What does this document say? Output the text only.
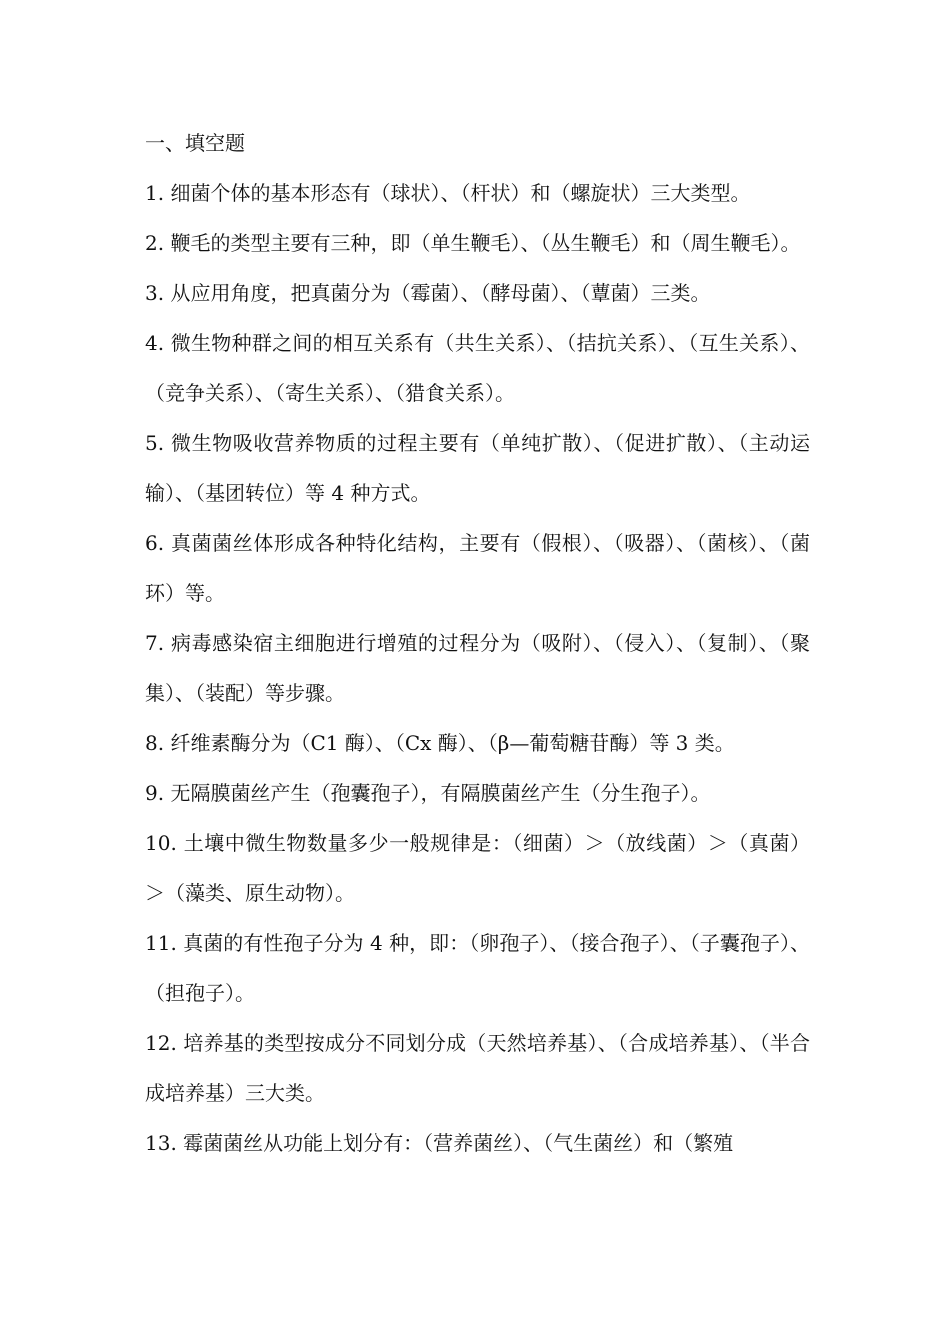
一、填空题

1. 细菌个体的基本形态有（球状）、（杆状）和（螺旋状）三大类型。

2. 鞭毛的类型主要有三种，即（单生鞭毛）、（丛生鞭毛）和（周生鞭毛）。

3. 从应用角度，把真菌分为（霉菌）、（酵母菌）、（蕈菌）三类。

4. 微生物种群之间的相互关系有（共生关系）、（拮抗关系）、（互生关系）、（竞争关系）、（寄生关系）、（猎食关系）。

5. 微生物吸收营养物质的过程主要有（单纯扩散）、（促进扩散）、（主动运输）、（基团转位）等 4 种方式。

6. 真菌菌丝体形成各种特化结构，主要有（假根）、（吸器）、（菌核）、（菌环）等。

7. 病毒感染宿主细胞进行增殖的过程分为（吸附）、（侵入）、（复制）、（聚集）、（装配）等步骤。

8. 纤维素酶分为（C1 酶）、（Cx 酶）、（β—葡萄糖苷酶）等 3 类。

9. 无隔膜菌丝产生（孢囊孢子），有隔膜菌丝产生（分生孢子）。

10. 土壤中微生物数量多少一般规律是：（细菌）＞（放线菌）＞（真菌）＞（藻类、原生动物）。

11. 真菌的有性孢子分为 4 种，即：（卵孢子）、（接合孢子）、（子囊孢子）、（担孢子）。

12. 培养基的类型按成分不同划分成（天然培养基）、（合成培养基）、（半合成培养基）三大类。

13. 霉菌菌丝从功能上划分有：（营养菌丝）、（气生菌丝）和（繁殖
